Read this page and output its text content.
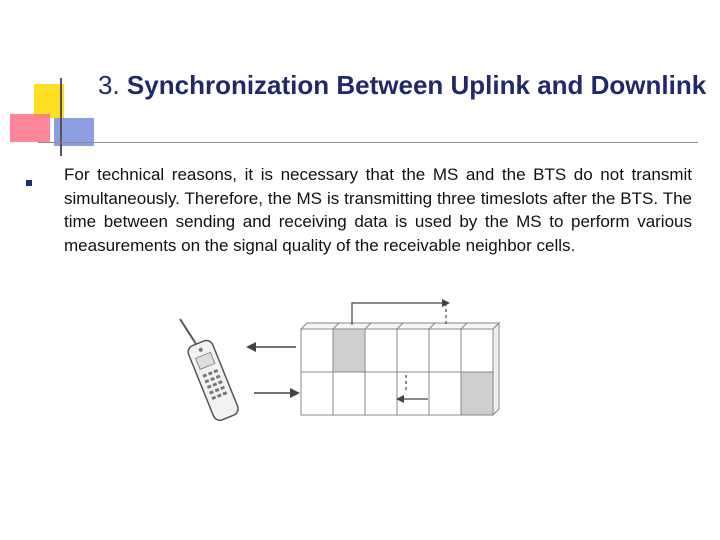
3. Synchronization Between Uplink and Downlink

For technical reasons, it is necessary that the MS and the BTS do not transmit simultaneously. Therefore, the MS is transmitting three timeslots after the BTS. The time between sending and receiving data is used by the MS to perform various measurements on the signal quality of the receivable neighbor cells.
